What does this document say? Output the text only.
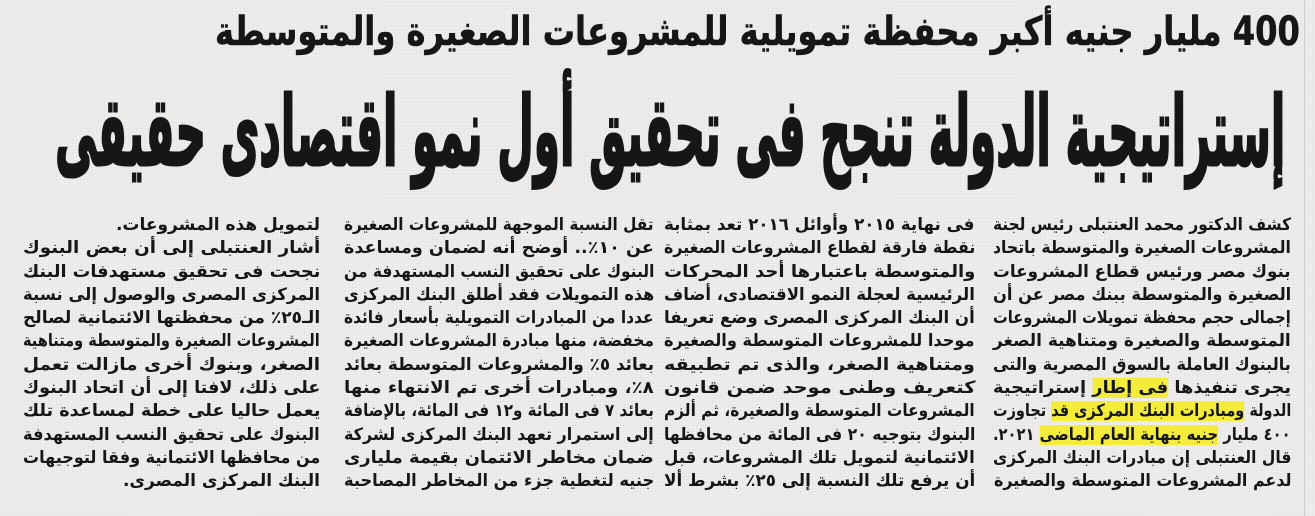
400 مليار جنيه أكبر محفظة تمويلية للمشروعات الصغيرة والمتوسطة
إستراتيجية الدولة تنجح فى تحقيق أول نمو اقتصادى حقيقى
كشف الدكتور محمد العنتبلى رئيس لجنة
المشروعات الصغيرة والمتوسطة باتحاد
بنوك مصر ورئيس قطاع المشروعات
الصغيرة والمتوسطة ببنك مصر عن أن
إجمالى حجم محفظة تمويلات المشروعات
المتوسطة والصغيرة ومتناهية الصغر
بالبنوك العاملة بالسوق المصرية والتى
يجرى تنفيذها فى إطار إستراتيجية
الدولة ومبادرات البنك المركزى قد تجاوزت
٤٠٠ مليار جنيه بنهاية العام الماضى ٢٠٢١.
قال العنتبلى إن مبادرات البنك المركزى
لدعم المشروعات المتوسطة والصغيرة
فى نهاية ٢٠١٥ وأوائل ٢٠١٦ تعد بمثابة
نقطة فارقة لقطاع المشروعات الصغيرة
والمتوسطة باعتبارها أحد المحركات
الرئيسية لعجلة النمو الاقتصادى، أضاف
أن البنك المركزى المصرى وضع تعريفا
موحدا للمشروعات المتوسطة والصغيرة
ومتناهية الصغر، والذى تم تطبيقه
كتعريف وطنى موحد ضمن قانون
المشروعات المتوسطة والصغيرة، ثم ألزم
البنوك بتوجيه ٢٠ فى المائة من محافظها
الائتمانية لتمويل تلك المشروعات، قبل
أن يرفع تلك النسبة إلى ٢٥٪ بشرط ألا
تقل النسبة الموجهة للمشروعات الصغيرة
عن ١٠٪.. أوضح أنه لضمان ومساعدة
البنوك على تحقيق النسب المستهدفة من
هذه التمويلات فقد أطلق البنك المركزى
عددا من المبادرات التمويلية بأسعار فائدة
مخفضة، منها مبادرة المشروعات الصغيرة
بعائد ٥٪ والمشروعات المتوسطة بعائد
٨٪، ومبادرات أخرى تم الانتهاء منها
بعائد ٧ فى المائة و١٢ فى المائة، بالإضافة
إلى استمرار تعهد البنك المركزى لشركة
ضمان مخاطر الائتمان بقيمة مليارى
جنيه لتغطية جزء من المخاطر المصاحبة
لتمويل هذه المشروعات.
أشار العنتبلى إلى أن بعض البنوك
نجحت فى تحقيق مستهدفات البنك
المركزى المصرى والوصول إلى نسبة
الـ٢٥٪ من محفظتها الائتمانية لصالح
المشروعات الصغيرة والمتوسطة ومتناهية
الصغر، وبنوك أخرى مازالت تعمل
على ذلك، لافتا إلى أن اتحاد البنوك
يعمل حاليا على خطة لمساعدة تلك
البنوك على تحقيق النسب المستهدفة
من محافظها الائتمانية وفقا لتوجيهات
البنك المركزى المصرى.
